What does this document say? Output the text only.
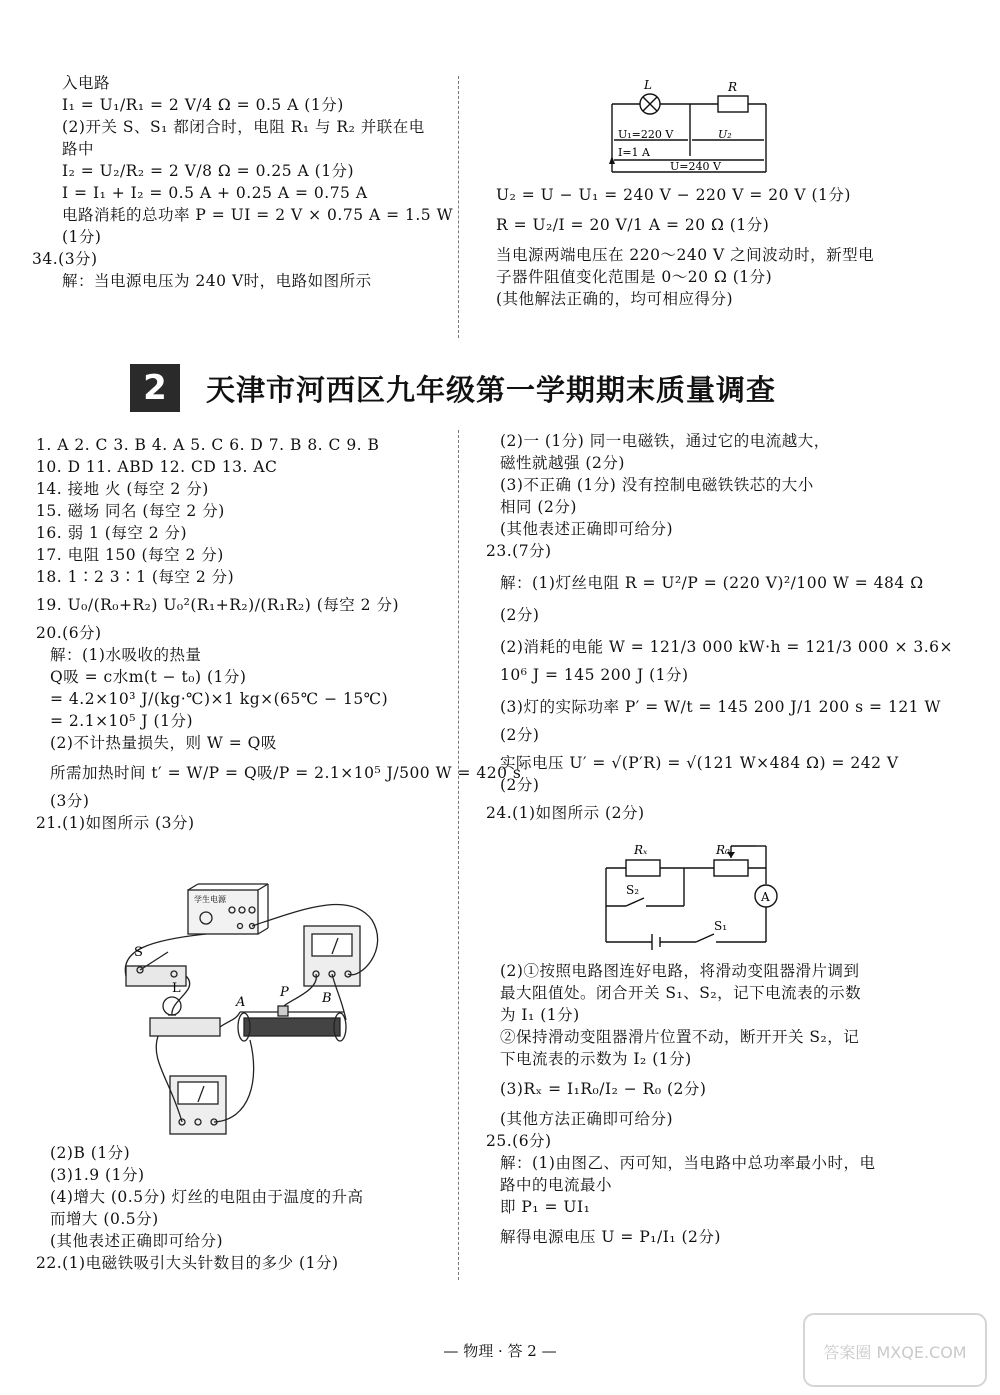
入电路
I₁ = U₁/R₁ = 2 V/4 Ω = 0.5 A (1分)
(2)开关 S、S₁ 都闭合时，电阻 R₁ 与 R₂ 并联在电
路中
I₂ = U₂/R₂ = 2 V/8 Ω = 0.25 A (1分)
I = I₁ + I₂ = 0.5 A + 0.25 A = 0.75 A
电路消耗的总功率 P = UI = 2 V × 0.75 A = 1.5 W
(1分)
34.(3分)
解：当电源电压为 240 V时，电路如图所示
L	R
U₁=220 V	U₂
I=1 A
U=240 V
U₂ = U − U₁ = 240 V − 220 V = 20 V (1分)
R = U₂/I = 20 V/1 A = 20 Ω (1分)
当电源两端电压在 220～240 V 之间波动时，新型电
子器件阻值变化范围是 0～20 Ω (1分)
(其他解法正确的，均可相应得分)
2	天津市河西区九年级第一学期期末质量调查
1. A 2. C 3. B 4. A 5. C 6. D 7. B 8. C 9. B
10. D 11. ABD 12. CD 13. AC
14. 接地 火 (每空 2 分)
15. 磁场 同名 (每空 2 分)
16. 弱 1 (每空 2 分)
17. 电阻 150 (每空 2 分)
18. 1∶2 3∶1 (每空 2 分)
19. U₀/(R₀+R₂) U₀²(R₁+R₂)/(R₁R₂) (每空 2 分)
20.(6分)
解：(1)水吸收的热量
Q吸 = c水m(t − t₀) (1分)
= 4.2×10³ J/(kg·℃)×1 kg×(65℃ − 15℃)
= 2.1×10⁵ J (1分)
(2)不计热量损失，则 W = Q吸
所需加热时间 t′ = W/P = Q吸/P = 2.1×10⁵ J/500 W = 420 s
(3分)
21.(1)如图所示 (3分)
学生电源
S
L
A
P	B
(2)B (1分)
(3)1.9 (1分)
(4)增大 (0.5分) 灯丝的电阻由于温度的升高
而增大 (0.5分)
(其他表述正确即可给分)
22.(1)电磁铁吸引大头针数目的多少 (1分)
(2)一 (1分) 同一电磁铁，通过它的电流越大，
磁性就越强 (2分)
(3)不正确 (1分) 没有控制电磁铁铁芯的大小
相同 (2分)
(其他表述正确即可给分)
23.(7分)
解：(1)灯丝电阻 R = U²/P = (220 V)²/100 W = 484 Ω
(2分)
(2)消耗的电能 W = 121/3 000 kW·h = 121/3 000 × 3.6×
10⁶ J = 145 200 J (1分)
(3)灯的实际功率 P′ = W/t = 145 200 J/1 200 s = 121 W
(2分)
实际电压 U′ = √(P′R) = √(121 W×484 Ω) = 242 V
(2分)
24.(1)如图所示 (2分)
Rₓ	R₀
S₂
S₁
A
(2)①按照电路图连好电路，将滑动变阻器滑片调到
最大阻值处。闭合开关 S₁、S₂，记下电流表的示数
为 I₁ (1分)
②保持滑动变阻器滑片位置不动，断开开关 S₂，记
下电流表的示数为 I₂ (1分)
(3)Rₓ = I₁R₀/I₂ − R₀ (2分)
(其他方法正确即可给分)
25.(6分)
解：(1)由图乙、丙可知，当电路中总功率最小时，电
路中的电流最小
即 P₁ = UI₁
解得电源电压 U = P₁/I₁ (2分)
— 物理 · 答 2 —	答案圈 MXQE.COM
